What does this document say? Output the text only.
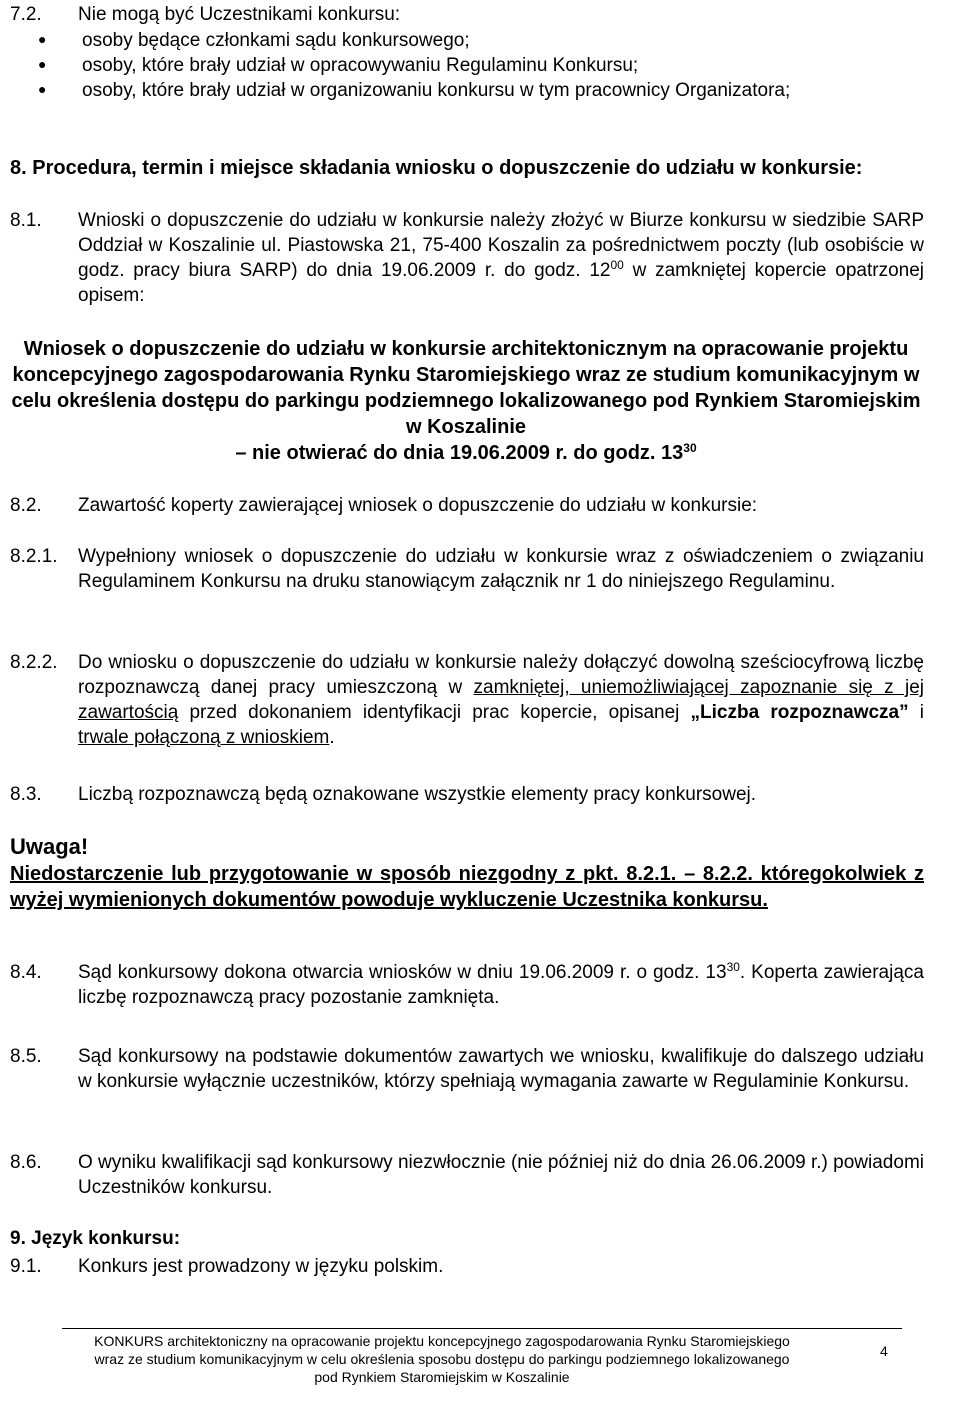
7.2.	Nie mogą być Uczestnikami konkursu:
● osoby będące członkami sądu konkursowego;
● osoby, które brały udział w opracowywaniu Regulaminu Konkursu;
● osoby, które brały udział w organizowaniu konkursu w tym pracownicy Organizatora;
8. Procedura, termin i miejsce składania wniosku o dopuszczenie do udziału w konkursie:
8.1.	Wnioski o dopuszczenie do udziału w konkursie należy złożyć w Biurze konkursu w siedzibie SARP Oddział w Koszalinie ul. Piastowska 21, 75-400 Koszalin za pośrednictwem poczty (lub osobiście w godz. pracy biura SARP) do dnia 19.06.2009 r. do godz. $12^{00}$ w zamkniętej kopercie opatrzonej opisem:
Wniosek o dopuszczenie do udziału w konkursie architektonicznym na opracowanie projektu koncepcyjnego zagospodarowania Rynku Staromiejskiego wraz ze studium komunikacyjnym w celu określenia dostępu do parkingu podziemnego lokalizowanego pod Rynkiem Staromiejskim w Koszalinie
– nie otwierać do dnia 19.06.2009 r. do godz. $13^{30}$
8.2.	Zawartość koperty zawierającej wniosek o dopuszczenie do udziału w konkursie:
8.2.1.	Wypełniony wniosek o dopuszczenie do udziału w konkursie wraz z oświadczeniem o związaniu Regulaminem Konkursu na druku stanowiącym załącznik nr 1 do niniejszego Regulaminu.
8.2.2.	Do wniosku o dopuszczenie do udziału w konkursie należy dołączyć dowolną sześciocyfrową liczbę rozpoznawczą danej pracy umieszczoną w zamkniętej, uniemożliwiającej zapoznanie się z jej zawartością przed dokonaniem identyfikacji prac kopercie, opisanej „Liczba rozpoznawcza” i trwale połączoną z wnioskiem.
8.3.	Liczbą rozpoznawczą będą oznakowane wszystkie elementy pracy konkursowej.
Uwaga!
Niedostarczenie lub przygotowanie w sposób niezgodny z pkt. 8.2.1. – 8.2.2. któregokolwiek z wyżej wymienionych dokumentów powoduje wykluczenie Uczestnika konkursu.
8.4.	Sąd konkursowy dokona otwarcia wniosków w dniu 19.06.2009 r. o godz. $13^{30}$. Koperta zawierająca liczbę rozpoznawczą pracy pozostanie zamknięta.
8.5.	Sąd konkursowy na podstawie dokumentów zawartych we wniosku, kwalifikuje do dalszego udziału w konkursie wyłącznie uczestników, którzy spełniają wymagania zawarte w Regulaminie Konkursu.
8.6.	O wyniku kwalifikacji sąd konkursowy niezwłocznie (nie później niż do dnia 26.06.2009 r.) powiadomi Uczestników konkursu.
9. Język konkursu:
9.1.	Konkurs jest prowadzony w języku polskim.
KONKURS architektoniczny na opracowanie projektu koncepcyjnego zagospodarowania Rynku Staromiejskiego
wraz ze studium komunikacyjnym w celu określenia sposobu dostępu do parkingu podziemnego lokalizowanego
pod Rynkiem Staromiejskim w Koszalinie
4
